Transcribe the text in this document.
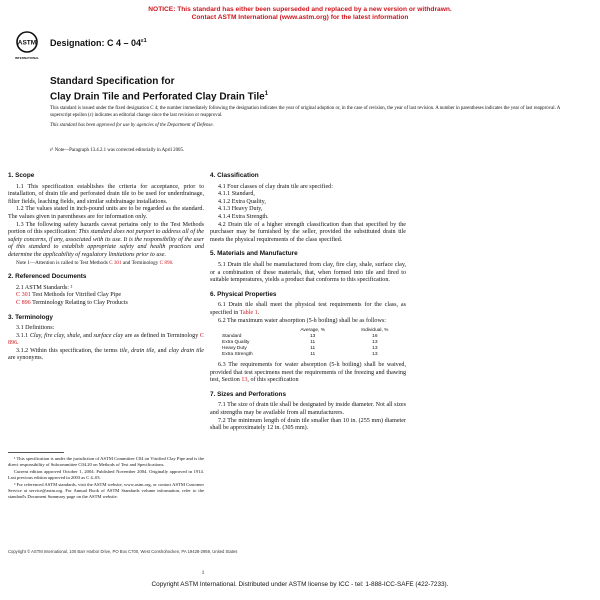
NOTICE: This standard has either been superseded and replaced by a new version or withdrawn.
Contact ASTM International (www.astm.org) for the latest information
ASTM
INTERNATIONAL
Designation: C $4 - 04^{\varepsilon 1}$
Standard Specification for
Clay Drain Tile and Perforated Clay Drain Tile$^1$

This standard is issued under the fixed designation C 4; the number immediately following the designation indicates the year of original adoption or, in the case of revision, the year of last revision. A number in parentheses indicates the year of last reapproval. A superscript epsilon (ε) indicates an editorial change since the last revision or reapproval.

This standard has been approved for use by agencies of the Department of Defense.

ε¹ Note—Paragraph 13.4.2.1 was corrected editorially in April 2005.
1. Scope

1.1 This specification establishes the criteria for acceptance, prior to installation, of drain tile and perforated drain tile to be used for underdrainage, filter fields, leaching fields, and similar subdrainage installations.

1.2 The values stated in inch-pound units are to be regarded as the standard. The values given in parentheses are for information only.

1.3 The following safety hazards caveat pertains only to the Test Methods portion of this specification: This standard does not purport to address all of the safety concerns, if any, associated with its use. It is the responsibility of the user of this standard to establish appropriate safety and health practices and determine the applicability of regulatory limitations prior to use.

Note 1—Attention is called to Test Methods C 301 and Terminology C 896.

2. Referenced Documents

2.1 ASTM Standards: ²

C 301 Test Methods for Vitrified Clay Pipe

C 896 Terminology Relating to Clay Products

3. Terminology

3.1 Definitions:

3.1.1 Clay, fire clay, shale, and surface clay are as defined in Terminology C 896.

3.1.2 Within this specification, the terms tile, drain tile, and clay drain tile are synonyms.

¹ This specification is under the jurisdiction of ASTM Committee C04 on Vitrified Clay Pipe and is the direct responsibility of Subcommittee C04.20 on Methods of Test and Specifications.

Current edition approved October 1, 2004. Published November 2004. Originally approved in 1914. Last previous edition approved in 2003 as C 4–03.

² For referenced ASTM standards, visit the ASTM website, www.astm.org, or contact ASTM Customer Service at service@astm.org. For Annual Book of ASTM Standards volume information, refer to the standard's Document Summary page on the ASTM website.

4. Classification

4.1 Four classes of clay drain tile are specified:

4.1.1 Standard,

4.1.2 Extra Quality,

4.1.3 Heavy Duty,

4.1.4 Extra Strength.

4.2 Drain tile of a higher strength classification than that specified by the purchaser may be furnished by the seller, provided the substituted drain tile meets the physical requirements of the class specified.

5. Materials and Manufacture

5.1 Drain tile shall be manufactured from clay, fire clay, shale, surface clay, or a combination of these materials, that, when formed into tile and fired to suitable temperatures, yields a product that conforms to this specification.

6. Physical Properties

6.1 Drain tile shall meet the physical test requirements for the class, as specified in Table 1.

6.2 The maximum water absorption (5-h boiling) shall be as follows:

	Average, %	Individual, %
Standard	13	16
Extra Quality	11	13
Heavy Duty	11	13
Extra Strength	11	13

6.3 The requirements for water absorption (5-h boiling) shall be waived, provided that test specimens meet the requirements of the freezing and thawing test, Section 13, of this specification

7. Sizes and Perforations

7.1 The size of drain tile shall be designated by inside diameter. Not all sizes and strengths may be available from all manufacturers.

7.2 The minimum length of drain tile smaller than 10 in. (255 mm) diameter shall be approximately 12 in. (305 mm).

Copyright © ASTM International, 100 Barr Harbor Drive, PO Box C700, West Conshohocken, PA 19428-2959, United States
1
Copyright ASTM International. Distributed under ASTM license by ICC - tel: 1-888-ICC-SAFE (422-7233).
